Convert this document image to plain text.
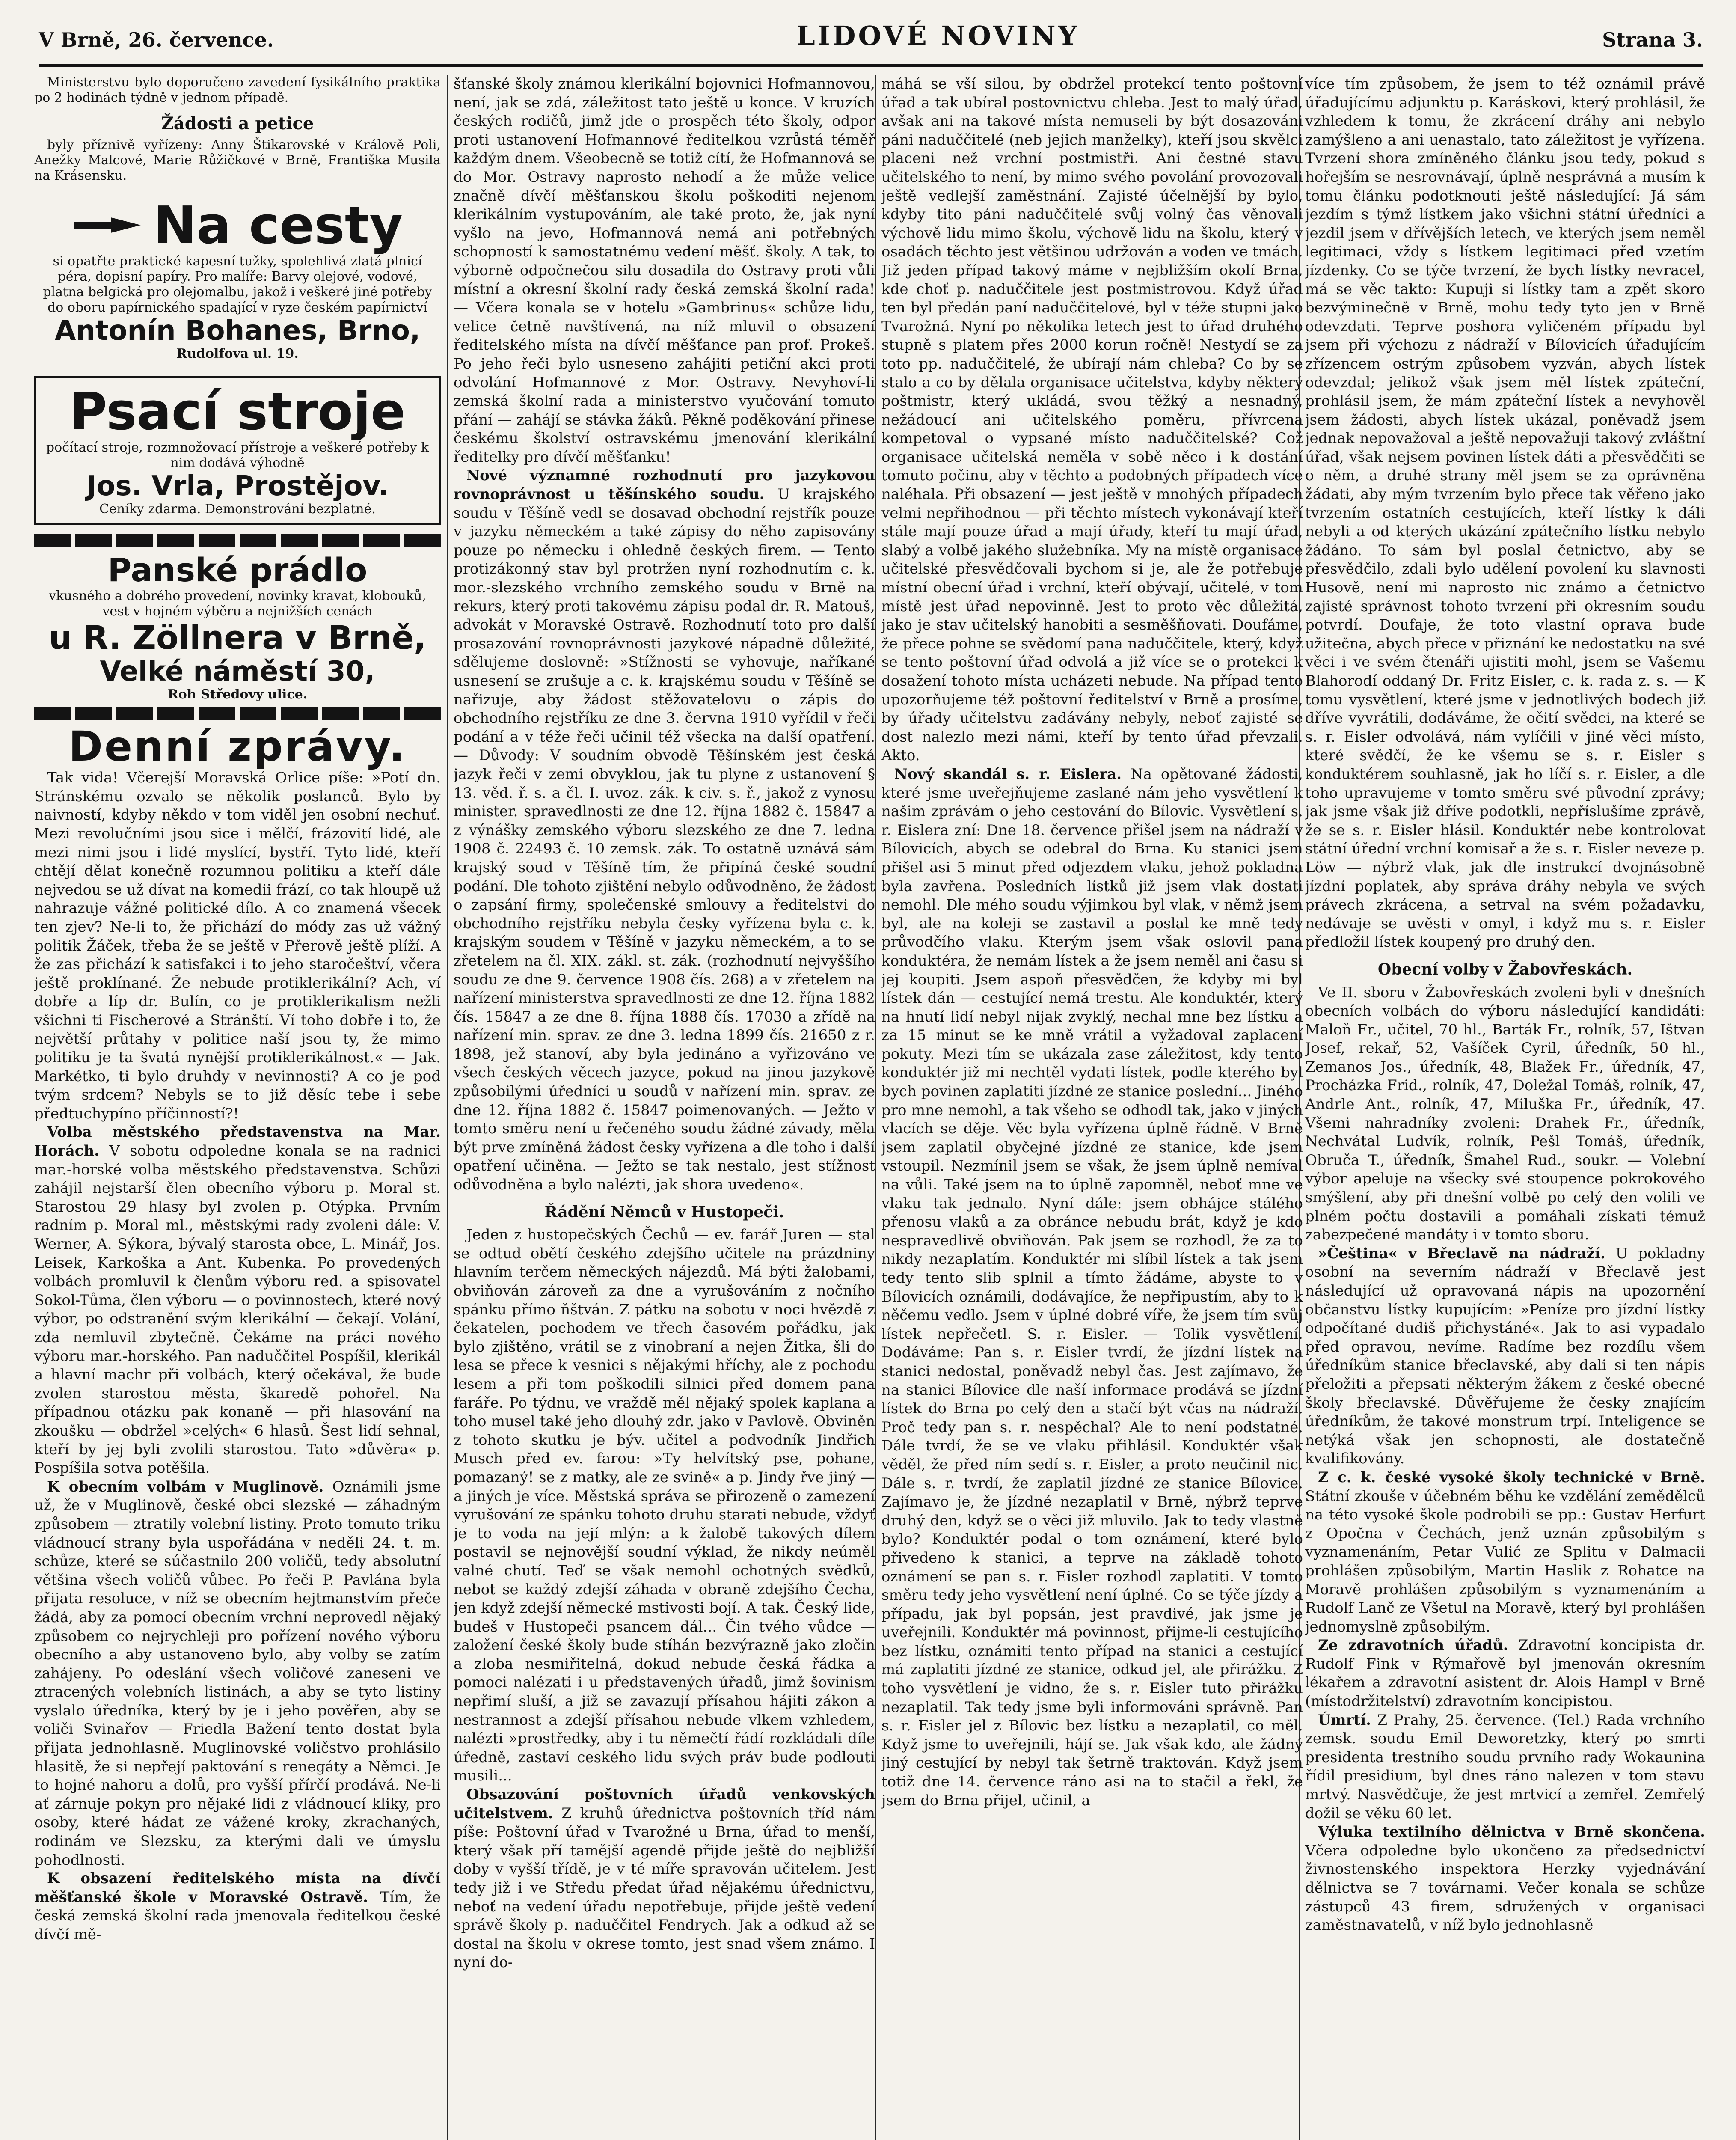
V Brně, 26. července.	LIDOVÉ NOVINY	Strana 3.

Ministerstvu bylo doporučeno zavedení fysikálního praktika po 2 hodinách týdně v jednom případě.

Žádosti a petice

byly příznivě vyřízeny: Anny Štikarovské v Králově Poli, Anežky Malcové, Marie Růžičkové v Brně, Františka Musila na Krásensku.

Na cesty

si opatřte praktické kapesní tužky, spolehlivá zlatá plnicí péra, dopisní papíry. Pro malíře: Barvy olejové, vodové, platna belgická pro olejomalbu, jakož i veškeré jiné potřeby do oboru papírnického spadající v ryze českém papírnictví

Antonín Bohanes, Brno,

Rudolfova ul. 19.

Psací stroje

počítací stroje, rozmnožovací přístroje a veškeré potřeby k nim dodává výhodně

Jos. Vrla, Prostějov.

Ceníky zdarma. Demonstrování bezplatné.

Panské prádlo

vkusného a dobrého provedení, novinky kravat, klobouků, vest v hojném výběru a nejnižších cenách

u R. Zöllnera v Brně,

Velké náměstí 30,

Roh Středovy ulice.

Denní zprávy.

Tak vida! Včerejší Moravská Orlice píše: »Potí dn. Stránskému ozvalo se několik poslanců. Bylo by naivností, kdyby někdo v tom viděl jen osobní nechuť. Mezi revolučními jsou sice i mělčí, frázovití lidé, ale mezi nimi jsou i lidé myslící, bystří. Tyto lidé, kteří chtějí dělat konečně rozumnou politiku a kteří dále nejvedou se už dívat na komedii frází, co tak hloupě už nahrazuje vážné politické dílo. A co znamená všecek ten zjev? Ne-li to, že přichází do módy zas už vážný politik Žáček, třeba že se ještě v Přerově ještě plíží. A že zas přichází k satisfakci i to jeho staročeštví, včera ještě proklínané. Že nebude protiklerikální? Ach, ví dobře a líp dr. Bulín, co je protiklerikalism nežli všichni ti Fischerové a Stránští. Ví toho dobře i to, že největší průtahy v politice naší jsou ty, že mimo politiku je ta švatá nynější protiklerikálnost.« — Jak. Markétko, ti bylo druhdy v nevinnosti? A co je pod tvým srdcem? Nebyls se to již děsíc tebe i sebe předtuchypíno příčinností?!

Volba městského představenstva na Mar. Horách. V sobotu odpoledne konala se na radnici mar.-horské volba městského představenstva. Schůzi zahájil nejstarší člen obecního výboru p. Moral st. Starostou 29 hlasy byl zvolen p. Otýpka. Prvním radním p. Moral ml., městskými rady zvoleni dále: V. Werner, A. Sýkora, bývalý starosta obce, L. Minář, Jos. Leisek, Karkoška a Ant. Kubenka. Po provedených volbách promluvil k členům výboru red. a spisovatel Sokol-Tůma, člen výboru — o povinnostech, které nový výbor, po odstranění svým klerikální — čekají. Volání, zda nemluvil zbytečně. Čekáme na práci nového výboru mar.-horského. Pan naduččitel Pospíšil, klerikál a hlavní machr při volbách, který očekával, že bude zvolen starostou města, škaredě pohořel. Na případnou otázku pak konaně — při hlasování na zkoušku — obdržel »celých« 6 hlasů. Šest lidí sehnal, kteří by jej byli zvolili starostou. Tato »důvěra« p. Pospíšila sotva potěšila.

K obecním volbám v Muglinově. Oznámili jsme už, že v Muglinově, české obci slezské — záhadným způsobem — ztratily volební listiny. Proto tomuto triku vládnoucí strany byla uspořádána v neděli 24. t. m. schůze, které se súčastnilo 200 voličů, tedy absolutní většina všech voličů vůbec. Po řeči P. Pavlána byla přijata resoluce, v níž se obecním hejtmanstvím přeče žádá, aby za pomocí obecním vrchní neprovedl nějaký způsobem co nejrychleji pro pořízení nového výboru obecního a aby ustanoveno bylo, aby volby se zatím zahájeny. Po odeslání všech voličové zaneseni ve ztracených volebních listinách, a aby se tyto listiny vyslalo úředníka, který by je i jeho pověřen, aby se voliči Svinařov — Friedla Bažení tento dostat byla přijata jednohlasně. Muglinovské voličstvo prohlásilo hlasitě, že si nepřejí paktování s renegáty a Němci. Je to hojné nahoru a dolů, pro vyšší přírčí prodává. Ne-li ať zárnuje pokyn pro nějaké lidi z vládnoucí kliky, pro osoby, které hádat ze vážené kroky, zkrachaných, rodinám ve Slezsku, za kterými dali ve úmyslu pohodlnosti.

K obsazení ředitelského místa na dívčí měšťanské škole v Moravské Ostravě. Tím, že česká zemská školní rada jmenovala ředitelkou české dívčí mě-

šťanské školy známou klerikální bojovnici Hofmannovou, není, jak se zdá, záležitost tato ještě u konce. V kruzích českých rodičů, jimž jde o prospěch této školy, odpor proti ustanovení Hofmannové ředitelkou vzrůstá téměř každým dnem. Všeobecně se totiž cítí, že Hofmannová se do Mor. Ostravy naprosto nehodí a že může velice značně dívčí měšťanskou školu poškoditi nejenom klerikálním vystupováním, ale také proto, že, jak nyní vyšlo na jevo, Hofmannová nemá ani potřebných schopností k samostatnému vedení měšť. školy. A tak, to výborně odpočnečou silu dosadila do Ostravy proti vůli místní a okresní školní rady česká zemská školní rada! — Včera konala se v hotelu »Gambrinus« schůze lidu, velice četně navštívená, na níž mluvil o obsazení ředitelského místa na dívčí měšťance pan prof. Prokeš. Po jeho řeči bylo usneseno zahájiti petiční akci proti odvolání Hofmannové z Mor. Ostravy. Nevyhoví-li zemská školní rada a ministerstvo vyučování tomuto přání — zahájí se stávka žáků. Pěkně poděkování přinese českému školství ostravskému jmenování klerikální ředitelky pro dívčí měšťanku!

Nové významné rozhodnutí pro jazykovou rovnoprávnost u těšínského soudu. U krajského soudu v Těšíně vedl se dosavad obchodní rejstřík pouze v jazyku německém a také zápisy do něho zapisovány pouze po německu i ohledně českých firem. — Tento protizákonný stav byl protržen nyní rozhodnutím c. k. mor.-slezského vrchního zemského soudu v Brně na rekurs, který proti takovému zápisu podal dr. R. Matouš, advokát v Moravské Ostravě. Rozhodnutí toto pro další prosazování rovnoprávnosti jazykové nápadně důležité, sdělujeme doslovně: »Stížnosti se vyhovuje, naříkané usnesení se zrušuje a c. k. krajskému soudu v Těšíně se nařizuje, aby žádost stěžovatelovu o zápis do obchodního rejstříku ze dne 3. června 1910 vyřídil v řeči podání a v téže řeči učinil též všecka na další opatření. — Důvody: V soudním obvodě Těšínském jest česká jazyk řeči v zemi obvyklou, jak tu plyne z ustanovení § 13. věd. ř. s. a čl. I. uvoz. zák. k civ. s. ř., jakož z vynosu minister. spravedlnosti ze dne 12. října 1882 č. 15847 a z výnášky zemského výboru slezského ze dne 7. ledna 1908 č. 22493 č. 10 zemsk. zák. To ostatně uznává sám krajský soud v Těšíně tím, že připíná české soudní podání. Dle tohoto zjištění nebylo odůvodněno, že žádost o zapsání firmy, společenské smlouvy a ředitelstvi do obchodního rejstříku nebyla česky vyřízena byla c. k. krajským soudem v Těšíně v jazyku německém, a to se zřetelem na čl. XIX. zákl. st. zák. (rozhodnutí nejvyššího soudu ze dne 9. července 1908 čís. 268) a v zřetelem na nařízení ministerstva spravedlnosti ze dne 12. října 1882 čís. 15847 a ze dne 8. října 1888 čís. 17030 a zřídě na nařízení min. sprav. ze dne 3. ledna 1899 čís. 21650 z r. 1898, jež stanoví, aby byla jedináno a vyřizováno ve všech českých věcech jazyce, pokud na jinou jazykově způsobilými úředníci u soudů v nařízení min. sprav. ze dne 12. října 1882 č. 15847 poimenovaných. — Ježto v tomto směru není u řečeného soudu žádné závady, měla být prve zmíněná žádost česky vyřízena a dle toho i další opatření učiněna. — Ježto se tak nestalo, jest stížnost odůvodněna a bylo nalézti, jak shora uvedeno«.

Řádění Němců v Hustopeči.

Jeden z hustopečských Čechů — ev. farář Juren — stal se odtud obětí českého zdejšího učitele na prázdniny hlavním terčem německých nájezdů. Má býti žalobami, obviňován zároveň za dne a vyrušováním z nočního spánku přímo ňštván. Z pátku na sobotu v noci hvězdě z čekatelen, pochodem ve třech časovém pořádku, jak bylo zjištěno, vrátil se z vinobraní a nejen Žitka, šli do lesa se přece k vesnici s nějakými hříchy, ale z pochodu lesem a při tom poškodili silnici před domem pana faráře. Po týdnu, ve vraždě měl nějaký spolek kaplana a toho musel také jeho dlouhý zdr. jako v Pavlově. Obviněn z tohoto skutku je býv. učitel a podvodník Jindřich Musch před ev. farou: »Ty helvítský pse, pohane, pomazaný! se z matky, ale ze svině« a p. Jindy řve jiný — a jiných je více. Městská správa se přirozeně o zamezení vyrušování ze spánku tohoto druhu starati nebude, vždyť je to voda na její mlýn: a k žalobě takových dílem postavil se nejnovější soudní výklad, že nikdy neúměl valné chutí. Teď se však nemohl ochotných svědků, nebot se každý zdejší záhada v obraně zdejšího Čecha, jen když zdejší německé mstivosti bojí. A tak. Český lide, budeš v Hustopeči psancem dál... Čin tvého vůdce — založení české školy bude stíhán bezvýrazně jako zločin a zloba nesmiřitelná, dokud nebude česká řádka a pomoci nalézati i u představených úřadů, jimž šovinism nepřimí sluší, a již se zavazují přísahou hájiti zákon a nestrannost a zdejší přísahou nebude vlkem vzhledem, nalézti »prostředky, aby i tu němečtí řádí rozkládali díle úředně, zastaví ceského lidu svých práv bude podlouti musili...

Obsazování poštovních úřadů venkovských učitelstvem. Z kruhů úřednictva poštovních tříd nám píše: Poštovní úřad v Tvarožné u Brna, úřad to menší, který však pří tamější agendě přijde ještě do nejbližší doby v vyšší třídě, je v té míře spravován učitelem. Jest tedy již i ve Středu předat úřad nějakému úřednictvu, neboť na vedení úřadu nepotřebuje, přijde ještě vedení správě školy p. naduččitel Fendrych. Jak a odkud až se dostal na školu v okrese tomto, jest snad všem známo. I nyní do-

máhá se vší silou, by obdržel protekcí tento poštovní úřad a tak ubíral postovnictvu chleba. Jest to malý úřad, avšak ani na takové místa nemuseli by být dosazováni páni naduččitelé (neb jejich manželky), kteří jsou skvělci placeni než vrchní postmistři. Ani čestné stavu učitelského to není, by mimo svého povolání provozovali ještě vedlejší zaměstnání. Zajisté účelnější by bylo, kdyby tito páni naduččitelé svůj volný čas věnovali výchově lidu mimo školu, výchově lidu na školu, který v osadách těchto jest většinou udržován a voden ve tmách. Již jeden případ takový máme v nejbližším okolí Brna, kde choť p. naduččitele jest postmistrovou. Když úřad ten byl předán paní naduččitelové, byl v téže stupni jako Tvarožná. Nyní po několika letech jest to úřad druhého stupně s platem přes 2000 korun ročně! Nestydí se za toto pp. naduččitelé, že ubírají nám chleba? Co by se stalo a co by dělala organisace učitelstva, kdyby některý poštmistr, který ukládá, svou těžký a nesnadný, nežádoucí ani učitelského poměru, přívrcena kompetoval o vypsané místo naduččitelské? Což organisace učitelská neměla v sobě něco i k dostání tomuto počinu, aby v těchto a podobných případech více naléhala. Při obsazení — jest ještě v mnohých případech velmi nepřihodnou — při těchto místech vykonávají kteří stále mají pouze úřad a mají úřady, kteří tu mají úřad, slabý a volbě jakého služebníka. My na místě organisace učitelské přesvědčovali bychom si je, ale že potřebuje místní obecní úřad i vrchní, kteří obývají, učitelé, v tom místě jest úřad nepovinně. Jest to proto věc důležitá, jako je stav učitelský hanobiti a sesměšňovati. Doufáme, že přece pohne se svědomí pana naduččitele, který, když se tento poštovní úřad odvolá a již více se o protekci k dosažení tohoto místa ucházeti nebude. Na případ tento upozorňujeme též poštovní ředitelství v Brně a prosíme, by úřady učitelstvu zadávány nebyly, neboť zajisté se dost nalezlo mezi námi, kteří by tento úřad převzali. Akto.

Nový skandál s. r. Eislera. Na opětované žádosti, které jsme uveřejňujeme zaslané nám jeho vysvětlení k našim zprávám o jeho cestování do Bílovic. Vysvětlení s. r. Eislera zní: Dne 18. července přišel jsem na nádraží v Bílovicích, abych se odebral do Brna. Ku stanici jsem přišel asi 5 minut před odjezdem vlaku, jehož pokladna byla zavřena. Posledních lístků již jsem vlak dostati nemohl. Dle mého soudu výjimkou byl vlak, v němž jsem byl, ale na koleji se zastavil a poslal ke mně tedy průvodčího vlaku. Kterým jsem však oslovil pana konduktéra, že nemám lístek a že jsem neměl ani času si jej koupiti. Jsem aspoň přesvědčen, že kdyby mi byl lístek dán — cestující nemá trestu. Ale konduktér, který na hnutí lidí nebyl nijak zvyklý, nechal mne bez lístku a za 15 minut se ke mně vrátil a vyžadoval zaplacení pokuty. Mezi tím se ukázala zase záležitost, kdy tento konduktér již mi nechtěl vydati lístek, podle kterého byl bych povinen zaplatiti jízdné ze stanice poslední... Jiného pro mne nemohl, a tak všeho se odhodl tak, jako v jiných vlacích se děje. Věc byla vyřízena úplně řádně. V Brně jsem zaplatil obyčejné jízdné ze stanice, kde jsem vstoupil. Nezmínil jsem se však, že jsem úplně nemíval na vůli. Také jsem na to úplně zapomněl, neboť mne ve vlaku tak jednalo. Nyní dále: jsem obhájce stálého přenosu vlaků a za obránce nebudu brát, když je kdo nespravedlivě obviňován. Pak jsem se rozhodl, že za to nikdy nezaplatím. Konduktér mi slíbil lístek a tak jsem tedy tento slib splnil a tímto žádáme, abyste to v Bílovicích oznámili, dodávajíce, že nepřipustím, aby to k něčemu vedlo. Jsem v úplné dobré víře, že jsem tím svůj lístek nepřečetl. S. r. Eisler. — Tolik vysvětlení. Dodáváme: Pan s. r. Eisler tvrdí, že jízdní lístek na stanici nedostal, poněvadž nebyl čas. Jest zajímavo, že na stanici Bílovice dle naší informace prodává se jízdní lístek do Brna po celý den a stačí být včas na nádraží. Proč tedy pan s. r. nespěchal? Ale to není podstatné. Dále tvrdí, že se ve vlaku přihlásil. Konduktér však věděl, že před ním sedí s. r. Eisler, a proto neučinil nic. Dále s. r. tvrdí, že zaplatil jízdné ze stanice Bílovice. Zajímavo je, že jízdné nezaplatil v Brně, nýbrž teprve druhý den, když se o věci již mluvilo. Jak to tedy vlastně bylo? Konduktér podal o tom oznámení, které bylo přivedeno k stanici, a teprve na základě tohoto oznámení se pan s. r. Eisler rozhodl zaplatiti. V tomto směru tedy jeho vysvětlení není úplné. Co se týče jízdy a případu, jak byl popsán, jest pravdivé, jak jsme je uveřejnili. Konduktér má povinnost, přijme-li cestujícího bez lístku, oznámiti tento případ na stanici a cestující má zaplatiti jízdné ze stanice, odkud jel, ale přirážku. Z toho vysvětlení je vidno, že s. r. Eisler tuto přirážku nezaplatil. Tak tedy jsme byli informováni správně. Pan s. r. Eisler jel z Bílovic bez lístku a nezaplatil, co měl. Když jsme to uveřejnili, hájí se. Jak však kdo, ale žádný jiný cestující by nebyl tak šetrně traktován. Když jsem totiž dne 14. července ráno asi na to stačil a řekl, že jsem do Brna přijel, učinil, a

více tím způsobem, že jsem to též oznámil právě úřadujícímu adjunktu p. Karáskovi, který prohlásil, že vzhledem k tomu, že zkrácení dráhy ani nebylo zamýšleno a ani uenastalo, tato záležitost je vyřízena. Tvrzení shora zmíněného článku jsou tedy, pokud s hořejším se nesrovnávají, úplně nesprávná a musím k tomu článku podotknouti ještě následující: Já sám jezdím s týmž lístkem jako všichni státní úředníci a jezdil jsem v dřívějších letech, ve kterých jsem neměl legitimaci, vždy s lístkem legitimaci před vzetím jízdenky. Co se týče tvrzení, že bych lístky nevracel, má se věc takto: Kupuji si lístky tam a zpět skoro bezvýminečně v Brně, mohu tedy tyto jen v Brně odevzdati. Teprve poshora vyličeném případu byl jsem při výchozu z nádraží v Bílovicích úřadujícím zřízencem ostrým způsobem vyzván, abych lístek odevzdal; jelikož však jsem měl lístek zpáteční, prohlásil jsem, že mám zpáteční lístek a nevyhověl jsem žádosti, abych lístek ukázal, poněvadž jsem jednak nepovažoval a ještě nepovažuji takový zvláštní úřad, však nejsem povinen lístek dáti a přesvědčiti se o něm, a druhé strany měl jsem se za oprávněna žádati, aby mým tvrzením bylo přece tak věřeno jako tvrzením ostatních cestujících, kteří lístky k dáli nebyli a od kterých ukázání zpátečního lístku nebylo žádáno. To sám byl poslal četnictvo, aby se přesvědčilo, zdali bylo udělení povolení ku slavnosti Husově, není mi naprosto nic známo a četnictvo zajisté správnost tohoto tvrzení při okresním soudu potvrdí. Doufaje, že toto vlastní oprava bude užitečna, abych přece v přiznání ke nedostatku na své věci i ve svém čtenáři ujistiti mohl, jsem se Vašemu Blahorodí oddaný Dr. Fritz Eisler, c. k. rada z. s. — K tomu vysvětlení, které jsme v jednotlivých bodech již dříve vyvrátili, dodáváme, že očití svědci, na které se s. r. Eisler odvolává, nám vylíčili v jiné věci místo, které svědčí, že ke všemu se s. r. Eisler s konduktérem souhlasně, jak ho líčí s. r. Eisler, a dle toho upravujeme v tomto směru své původní zprávy; jak jsme však již dříve podotkli, nepříslušíme zprávě, že se s. r. Eisler hlásil. Konduktér nebe kontrolovat státní úřední vrchní komisař a že s. r. Eisler neveze p. Löw — nýbrž vlak, jak dle instrukcí dvojnásobně jízdní poplatek, aby správa dráhy nebyla ve svých právech zkrácena, a setrval na svém požadavku, nedávaje se uvěsti v omyl, i když mu s. r. Eisler předložil lístek koupený pro druhý den.

Obecní volby v Žabovřeskách.

Ve II. sboru v Žabovřeskách zvoleni byli v dnešních obecních volbách do výboru následující kandidáti: Maloň Fr., učitel, 70 hl., Barták Fr., rolník, 57, Ištvan Josef, rekař, 52, Vašíček Cyril, úředník, 50 hl., Zemanos Jos., úředník, 48, Blažek Fr., úředník, 47, Procházka Frid., rolník, 47, Doležal Tomáš, rolník, 47, Andrle Ant., rolník, 47, Miluška Fr., úředník, 47. Všemi nahradníky zvoleni: Drahek Fr., úředník, Nechvátal Ludvík, rolník, Pešl Tomáš, úředník, Obruča T., úředník, Šmahel Rud., soukr. — Volební výbor apeluje na všecky své stoupence pokrokového smýšlení, aby při dnešní volbě po celý den volili ve plném počtu dostavili a pomáhali získati témuž zabezpečené mandáty i v tomto sboru.

»Čeština« v Břeclavě na nádraží. U pokladny osobní na severním nádraží v Břeclavě jest následující už opravovaná nápis na upozornění občanstvu lístky kupujícím: »Peníze pro jízdní lístky odpočítané dudiš přichystáné«. Jak to asi vypadalo před opravou, nevíme. Radíme bez rozdílu všem úředníkům stanice břeclavské, aby dali si ten nápis přeložiti a přepsati některým žákem z české obecné školy břeclavské. Důvěřujeme že česky znajícím úředníkům, že takové monstrum trpí. Inteligence se netýká však jen schopnosti, ale dostatečně kvalifikovány.

Z c. k. české vysoké školy technické v Brně. Státní zkouše v účebném běhu ke vzdělání zemědělců na této vysoké škole podrobili se pp.: Gustav Herfurt z Opočna v Čechách, jenž uznán způsobilým s vyznamenáním, Petar Vulić ze Splitu v Dalmacii prohlášen způsobilým, Martin Haslik z Rohatce na Moravě prohlášen způsobilým s vyznamenáním a Rudolf Lanč ze Všetul na Moravě, který byl prohlášen jednomyslně způsobilým.

Ze zdravotních úřadů. Zdravotní koncipista dr. Rudolf Fink v Rýmařově byl jmenován okresním lékařem a zdravotní asistent dr. Alois Hampl v Brně (místodržitelství) zdravotním koncipistou.

Úmrtí. Z Prahy, 25. července. (Tel.) Rada vrchního zemsk. soudu Emil Deworetzky, který po smrti presidenta trestního soudu prvního rady Wokaunina řídil presidium, byl dnes ráno nalezen v tom stavu mrtvý. Nasvědčuje, že jest mrtvicí a zemřel. Zemřelý dožil se věku 60 let.

Výluka textilního dělnictva v Brně skončena. Včera odpoledne bylo ukončeno za předsednictví živnostenského inspektora Herzky vyjednávání dělnictva se 7 továrnami. Večer konala se schůze zástupců 43 firem, sdružených v organisaci zaměstnavatelů, v níž bylo jednohlasně
